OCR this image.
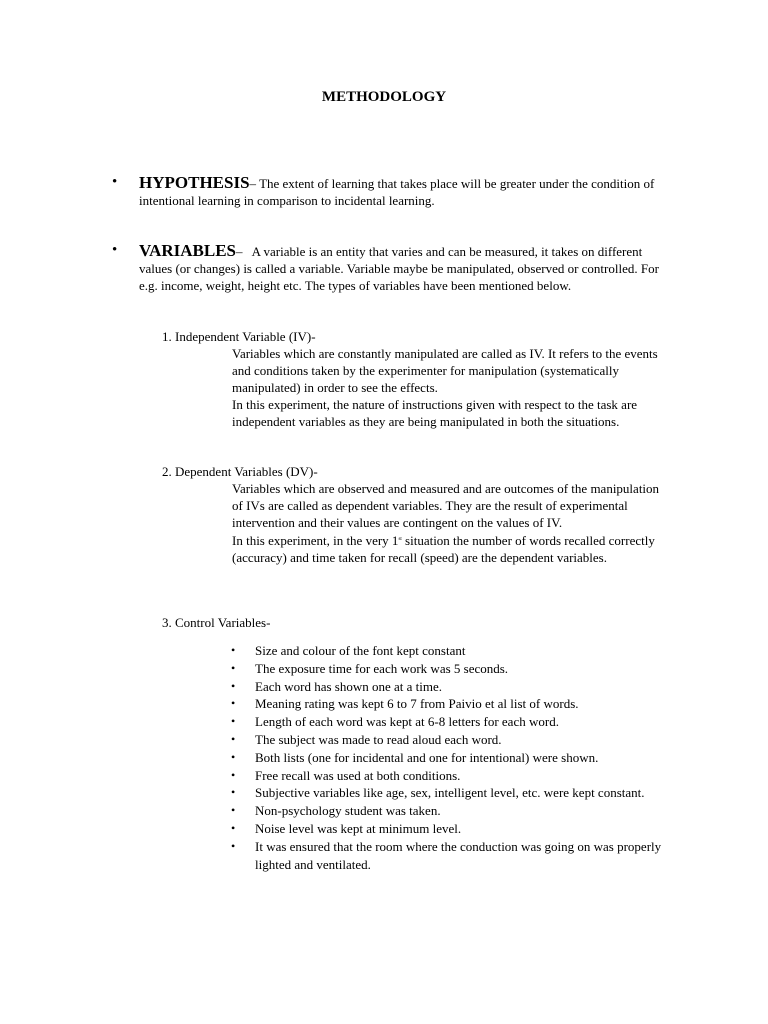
METHODOLOGY
•	HYPOTHESIS– The extent of learning that takes place will be greater under the condition of intentional learning in comparison to incidental learning.
•	VARIABLES– A variable is an entity that varies and can be measured, it takes on different values (or changes) is called a variable. Variable maybe be manipulated, observed or controlled. For e.g. income, weight, height etc. The types of variables have been mentioned below.
1. Independent Variable (IV)-
Variables which are constantly manipulated are called as IV. It refers to the events and conditions taken by the experimenter for manipulation (systematically manipulated) in order to see the effects.
In this experiment, the nature of instructions given with respect to the task are independent variables as they are being manipulated in both the situations.
2. Dependent Variables (DV)-
Variables which are observed and measured and are outcomes of the manipulation of IVs are called as dependent variables. They are the result of experimental intervention and their values are contingent on the values of IV.
In this experiment, in the very 1st situation the number of words recalled correctly (accuracy) and time taken for recall (speed) are the dependent variables.
3. Control Variables-
• Size and colour of the font kept constant
• The exposure time for each work was 5 seconds.
• Each word has shown one at a time.
• Meaning rating was kept 6 to 7 from Paivio et al list of words.
• Length of each word was kept at 6-8 letters for each word.
• The subject was made to read aloud each word.
• Both lists (one for incidental and one for intentional) were shown.
• Free recall was used at both conditions.
• Subjective variables like age, sex, intelligent level, etc. were kept constant.
• Non-psychology student was taken.
• Noise level was kept at minimum level.
• It was ensured that the room where the conduction was going on was properly lighted and ventilated.
